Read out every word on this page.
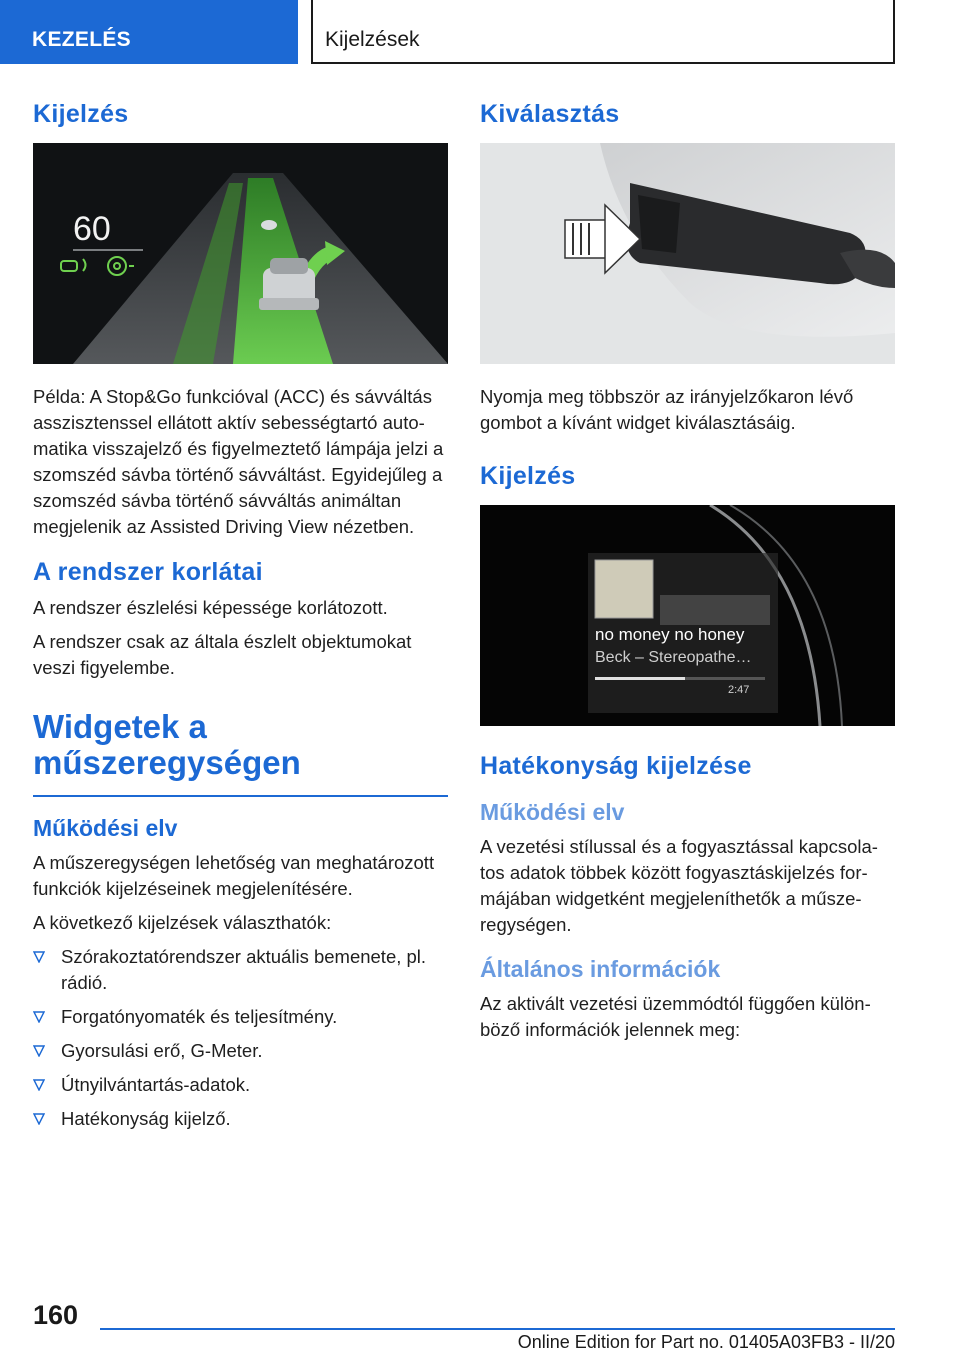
KEZELÉS	Kijelzések
Kijelzés
60

Példa: A Stop&Go funkcióval (ACC) és sávváltás asszisztenssel ellátott aktív sebességtartó automatika visszajelző és figyelmeztető lámpája jelzi a szomszéd sávba történő sávváltást. Egyidejűleg a szomszéd sávba történő sávváltás animáltan megjelenik az Assisted Driving View nézetben.

A rendszer korlátai

A rendszer észlelési képessége korlátozott.

A rendszer csak az általa észlelt objektumokat veszi figyelembe.

Widgetek a
műszeregységen
Működési elv

A műszeregységen lehetőség van meghatározott funkciók kijelzéseinek megjelenítésére.

A következő kijelzések választhatók:

Szórakoztatórendszer aktuális bemenete, pl. rádió.
Forgatónyomaték és teljesítmény.
Gyorsulási erő, G-Meter.
Útnyilvántartás-adatok.
Hatékonyság kijelző.
Kiválasztás

Nyomja meg többször az irányjelzőkaron lévő gombot a kívánt widget kiválasztásáig.

Kijelzés
no money no honey
Beck – Stereopathe…
2:47
Hatékonyság kijelzése
Működési elv

A vezetési stílussal és a fogyasztással kapcsolatos adatok többek között fogyasztáskijelzés formájában widgetként megjeleníthetők a műszeregységen.

Általános információk

Az aktivált vezetési üzemmódtól függően különböző információk jelennek meg:

160
Online Edition for Part no. 01405A03FB3 - II/20
